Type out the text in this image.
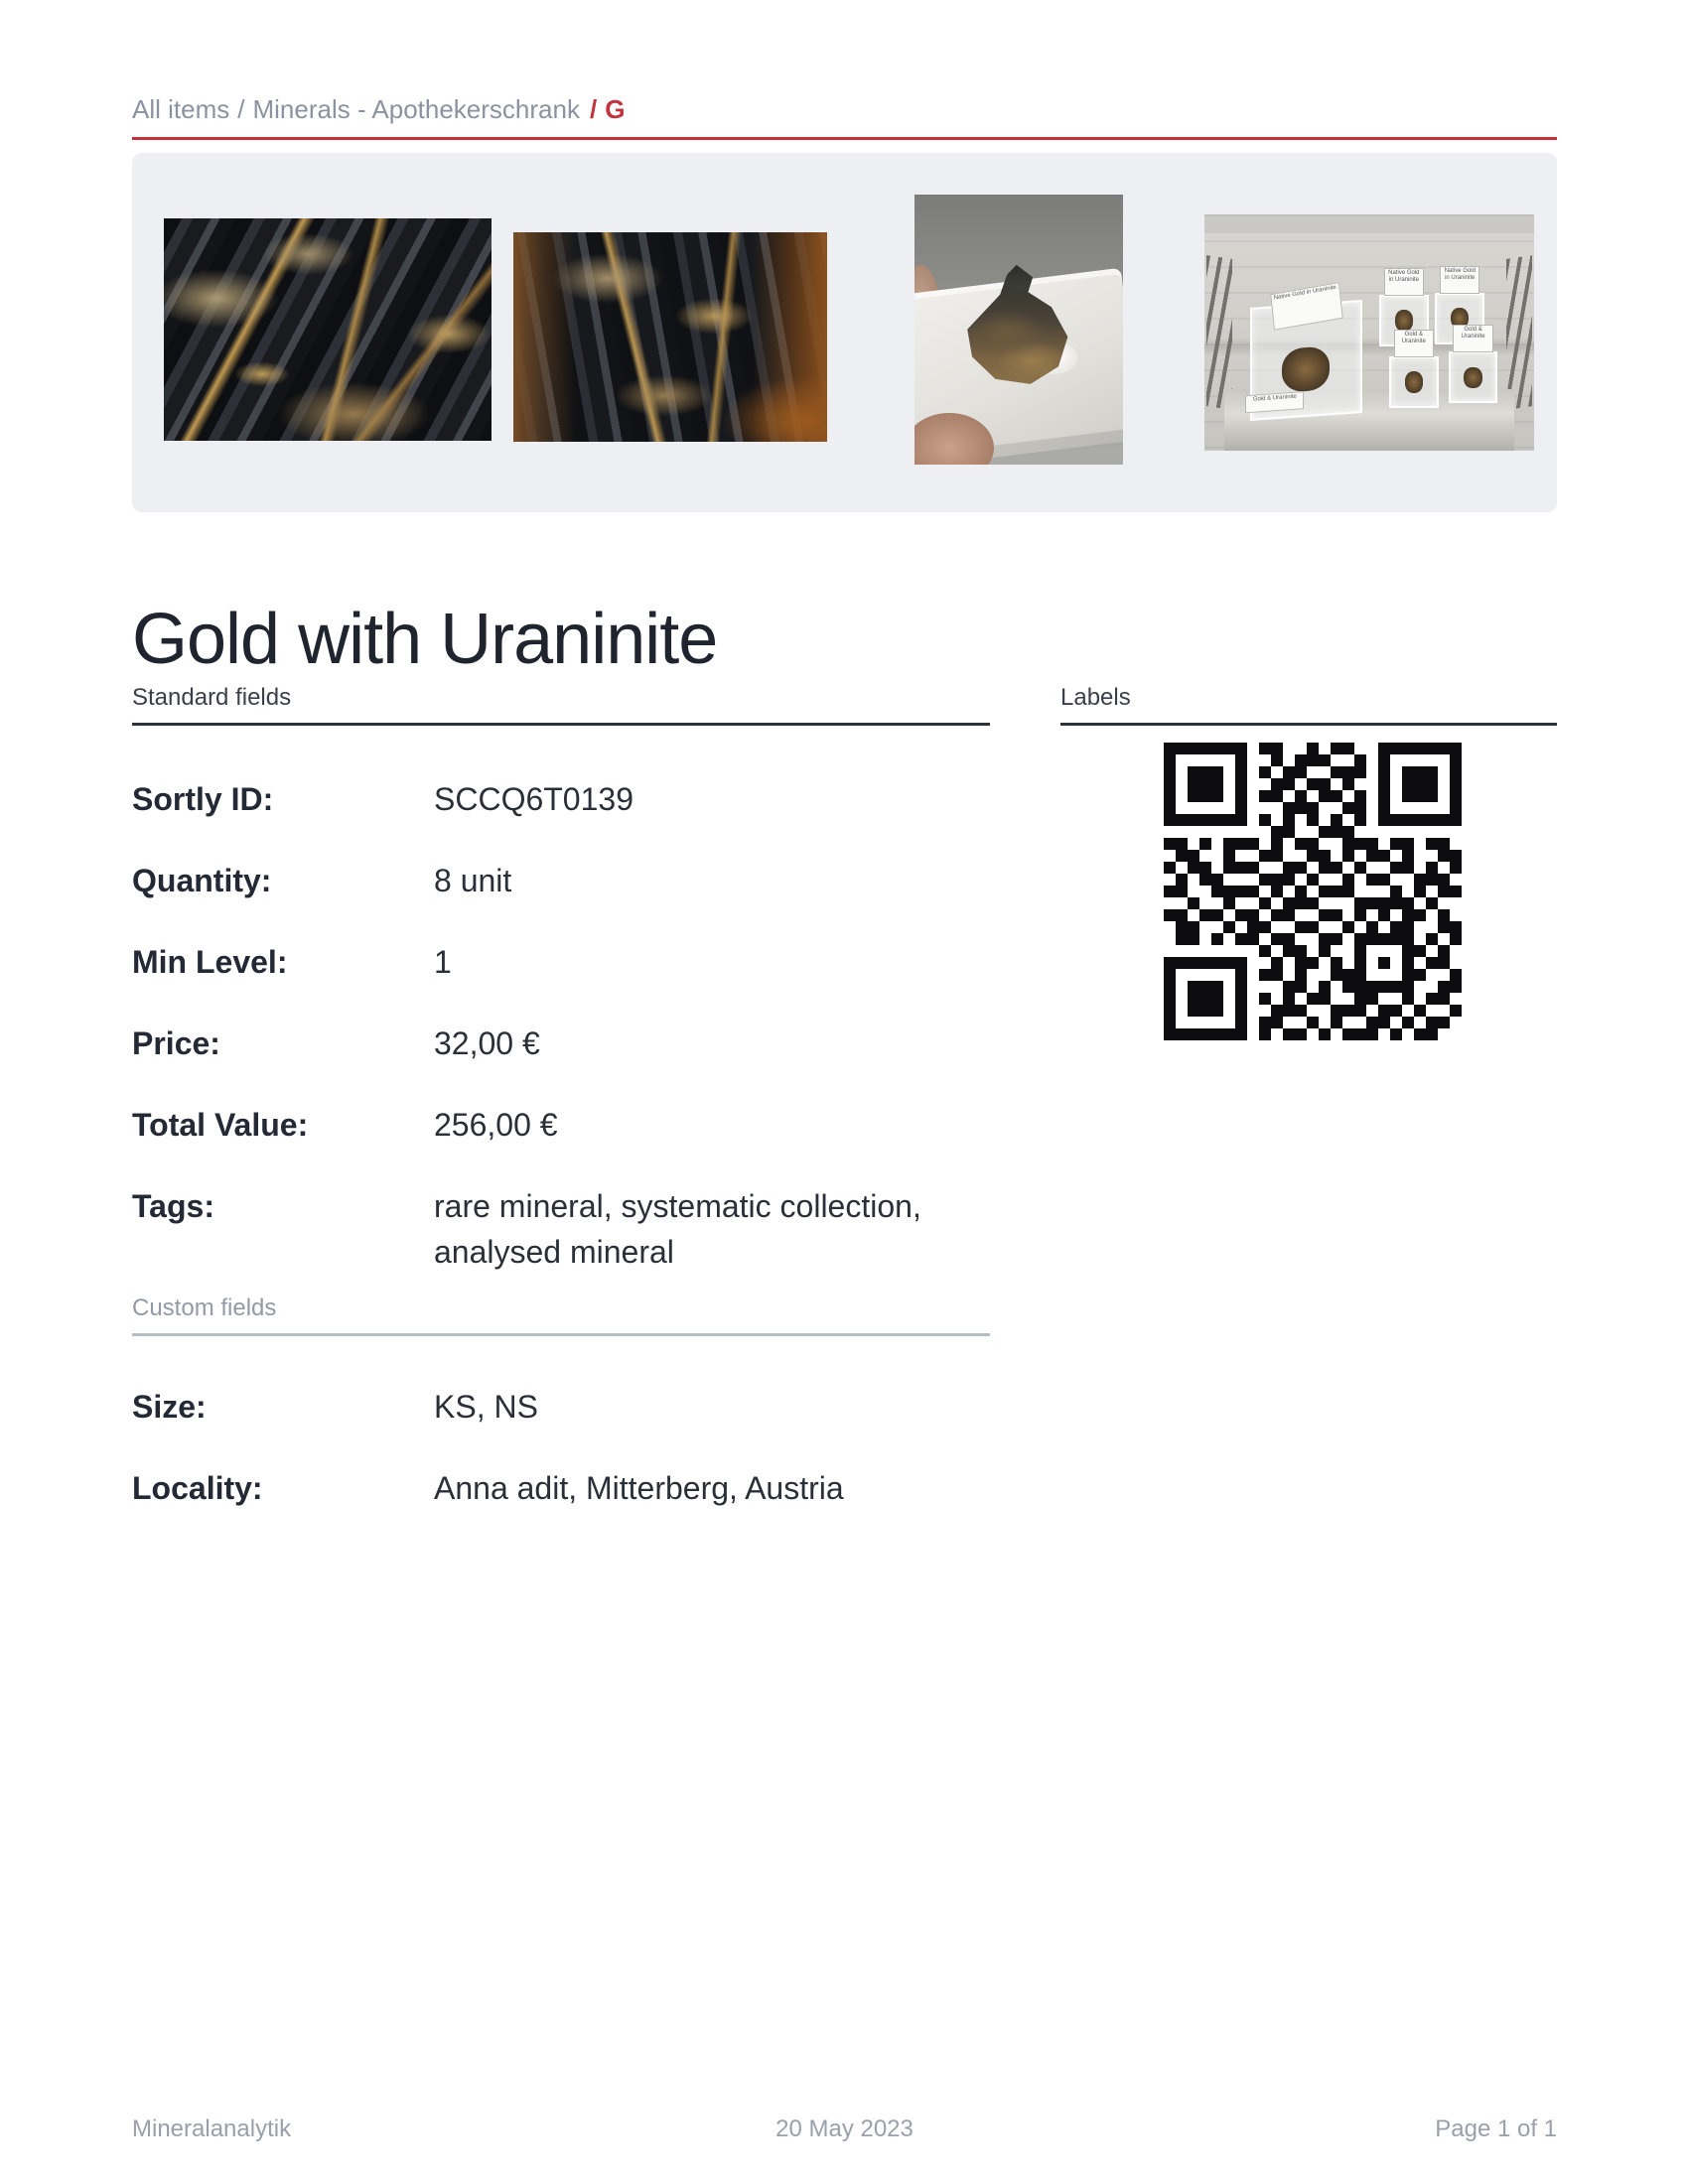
All items / Minerals - Apothekerschrank / G
Native Gold in Uraninite
Gold & Uraninite
Native Gold in Uraninite
Native Gold in Uraninite
Gold & Uraninite
Gold & Uraninite
Gold with Uraninite
Standard fields	Labels
Custom fields
Sortly ID:	SCCQ6T0139
Quantity:	8 unit
Min Level:	1
Price:	32,00 €
Total Value:	256,00 €
Tags:	rare mineral, systematic collection, analysed mineral
Size:	KS, NS
Locality:	Anna adit, Mitterberg, Austria
Mineralanalytik	20 May 2023	Page 1 of 1
